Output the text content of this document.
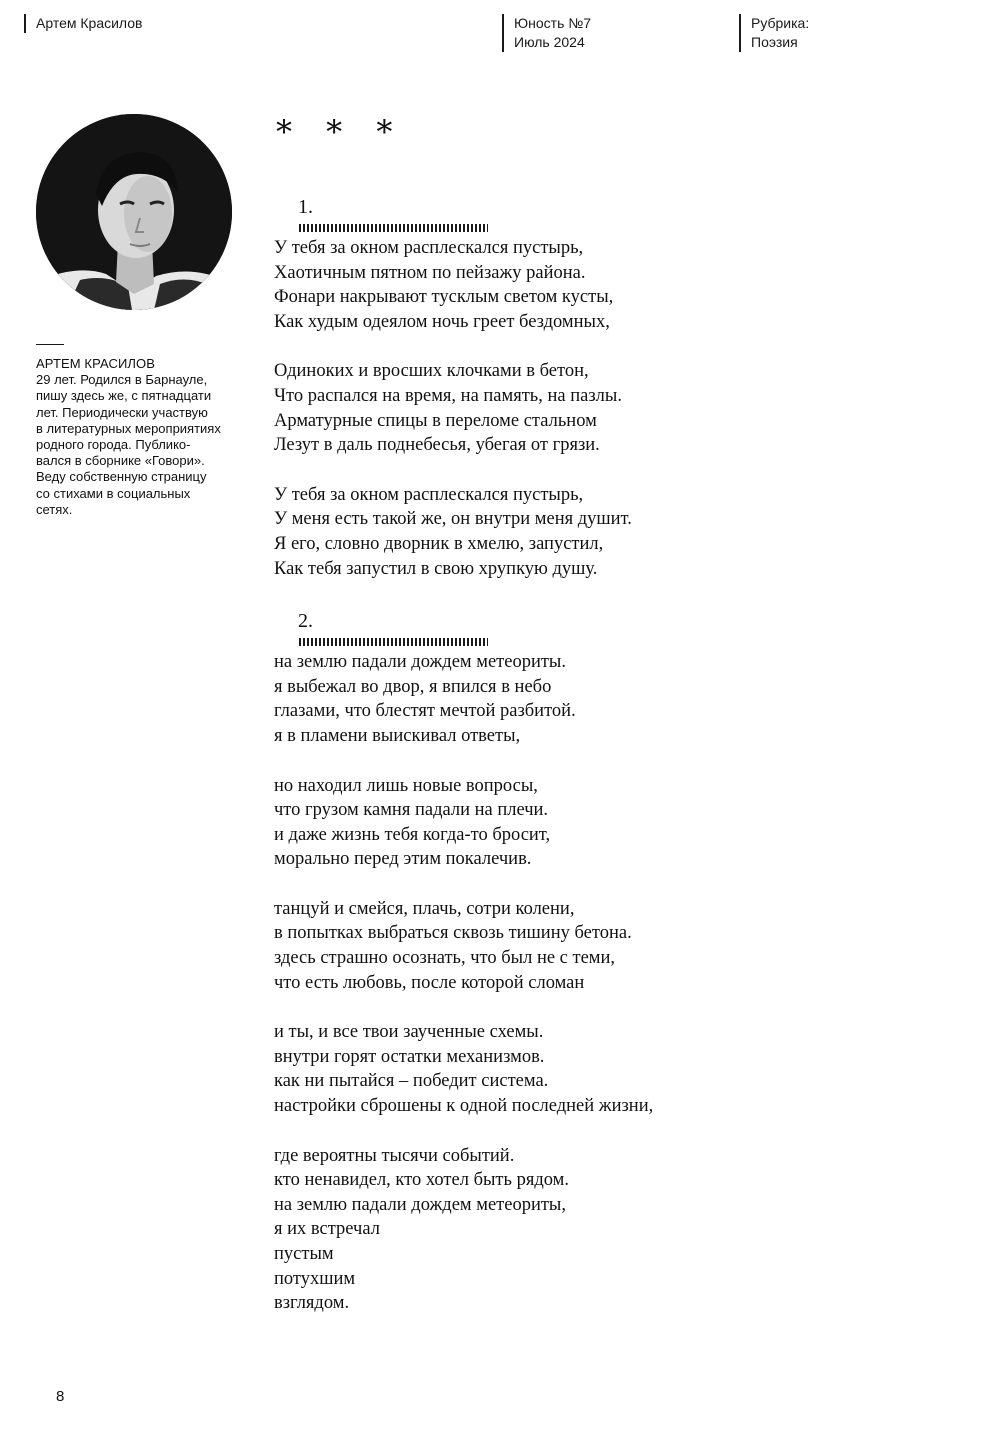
Артем Красилов	Юность №7
Июль 2024
Рубрика:
Поэзия
АРТЕМ КРАСИЛОВ
29 лет. Родился в Барнауле,
пишу здесь же, с пятнадцати
лет. Периодически участвую
в литературных мероприятиях
родного города. Публико-
вался в сборнике «Говори».
Веду собственную страницу
со стихами в социальных
сетях.
* * *
1.
У тебя за окном расплескался пустырь,
Хаотичным пятном по пейзажу района.
Фонари накрывают тусклым светом кусты,
Как худым одеялом ночь греет бездомных,
Одиноких и вросших клочками в бетон,
Что распался на время, на память, на пазлы.
Арматурные спицы в переломе стальном
Лезут в даль поднебесья, убегая от грязи.
У тебя за окном расплескался пустырь,
У меня есть такой же, он внутри меня душит.
Я его, словно дворник в хмелю, запустил,
Как тебя запустил в свою хрупкую душу.
2.
на землю падали дождем метеориты.
я выбежал во двор, я впился в небо
глазами, что блестят мечтой разбитой.
я в пламени выискивал ответы,
но находил лишь новые вопросы,
что грузом камня падали на плечи.
и даже жизнь тебя когда-то бросит,
морально перед этим покалечив.
танцуй и смейся, плачь, сотри колени,
в попытках выбраться сквозь тишину бетона.
здесь страшно осознать, что был не с теми,
что есть любовь, после которой сломан
и ты, и все твои заученные схемы.
внутри горят остатки механизмов.
как ни пытайся – победит система.
настройки сброшены к одной последней жизни,
где вероятны тысячи событий.
кто ненавидел, кто хотел быть рядом.
на землю падали дождем метеориты,
я их встречал
пустым
потухшим
взглядом.
8
